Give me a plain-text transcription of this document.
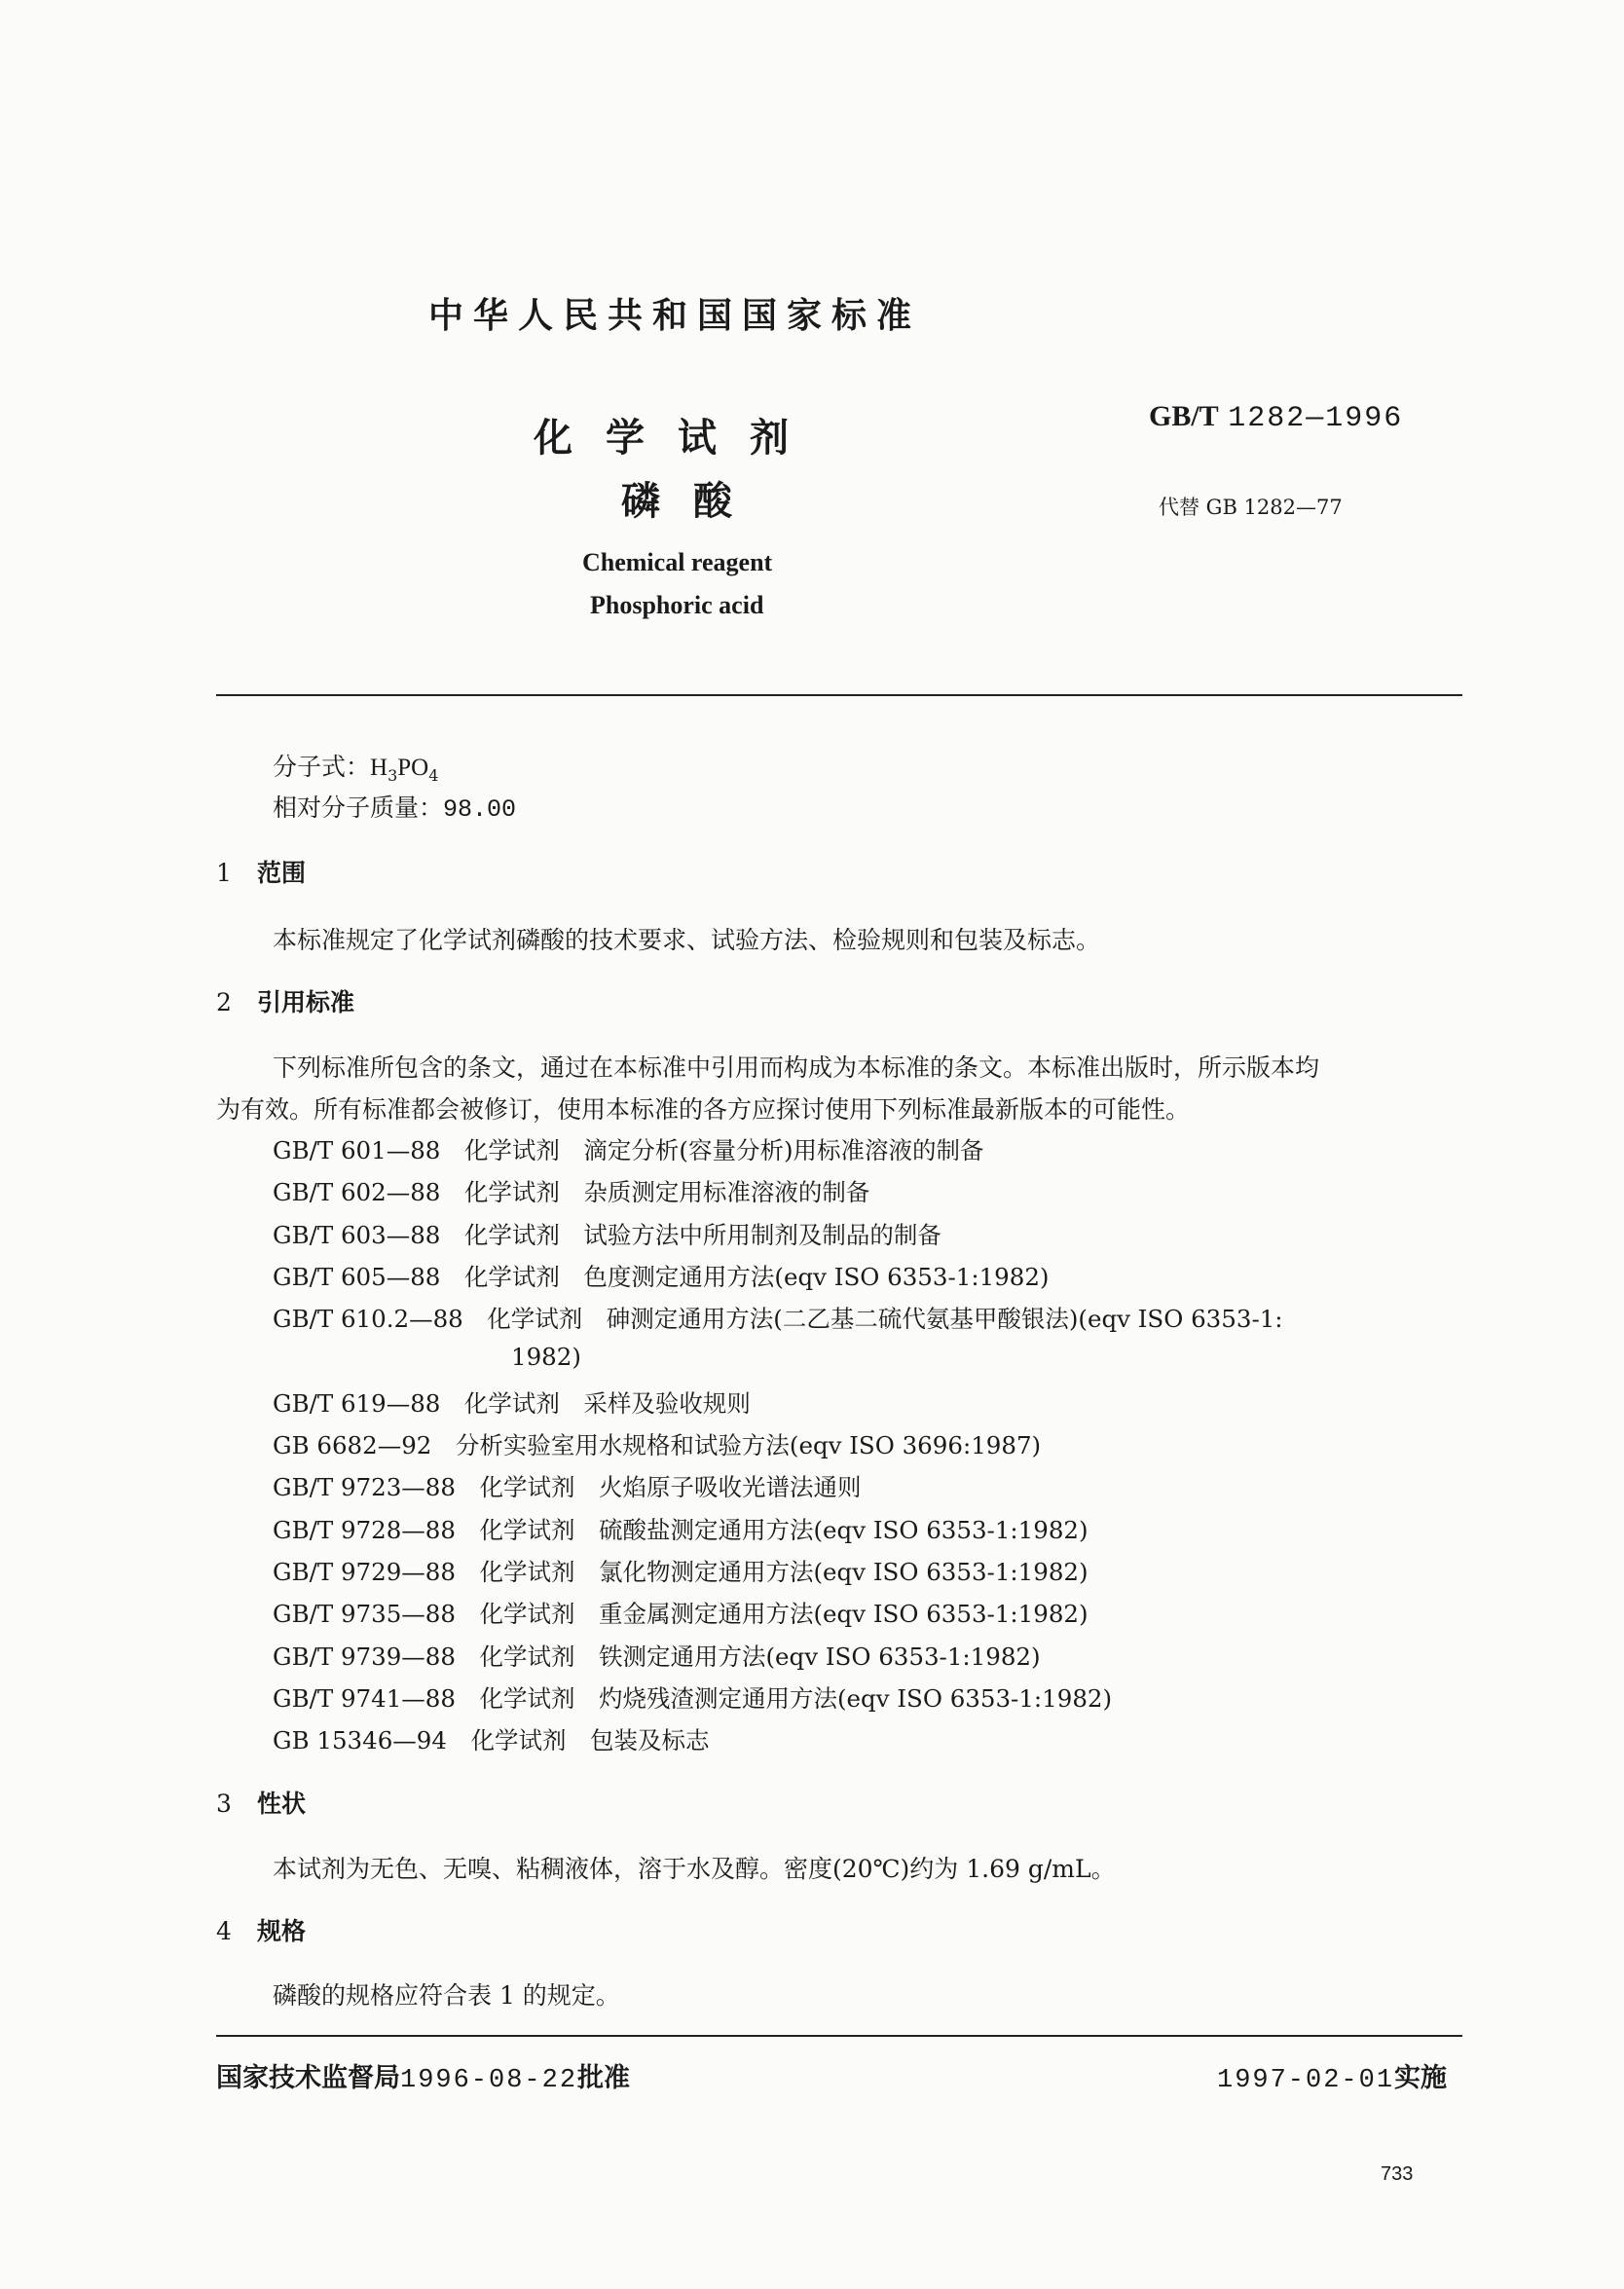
中华人民共和国国家标准
化学试剂
磷酸
GB/T 1282—1996
代替 GB 1282—77
Chemical reagent
Phosphoric acid
分子式：$H_3PO_4$
相对分子质量：98.00
1 范围
本标准规定了化学试剂磷酸的技术要求、试验方法、检验规则和包装及标志。
2 引用标准
下列标准所包含的条文，通过在本标准中引用而构成为本标准的条文。本标准出版时，所示版本均
为有效。所有标准都会被修订，使用本标准的各方应探讨使用下列标准最新版本的可能性。
GB/T 601—88　化学试剂　滴定分析(容量分析)用标准溶液的制备
GB/T 602—88　化学试剂　杂质测定用标准溶液的制备
GB/T 603—88　化学试剂　试验方法中所用制剂及制品的制备
GB/T 605—88　化学试剂　色度测定通用方法(eqv ISO 6353-1:1982)
GB/T 610.2—88　化学试剂　砷测定通用方法(二乙基二硫代氨基甲酸银法)(eqv ISO 6353-1:
1982)
GB/T 619—88　化学试剂　采样及验收规则
GB 6682—92　分析实验室用水规格和试验方法(eqv ISO 3696:1987)
GB/T 9723—88　化学试剂　火焰原子吸收光谱法通则
GB/T 9728—88　化学试剂　硫酸盐测定通用方法(eqv ISO 6353-1:1982)
GB/T 9729—88　化学试剂　氯化物测定通用方法(eqv ISO 6353-1:1982)
GB/T 9735—88　化学试剂　重金属测定通用方法(eqv ISO 6353-1:1982)
GB/T 9739—88　化学试剂　铁测定通用方法(eqv ISO 6353-1:1982)
GB/T 9741—88　化学试剂　灼烧残渣测定通用方法(eqv ISO 6353-1:1982)
GB 15346—94　化学试剂　包装及标志
3 性状
本试剂为无色、无嗅、粘稠液体，溶于水及醇。密度(20℃)约为 1.69 g/mL。
4 规格
磷酸的规格应符合表 1 的规定。
国家技术监督局1996-08-22批准	1997-02-01实施
733
